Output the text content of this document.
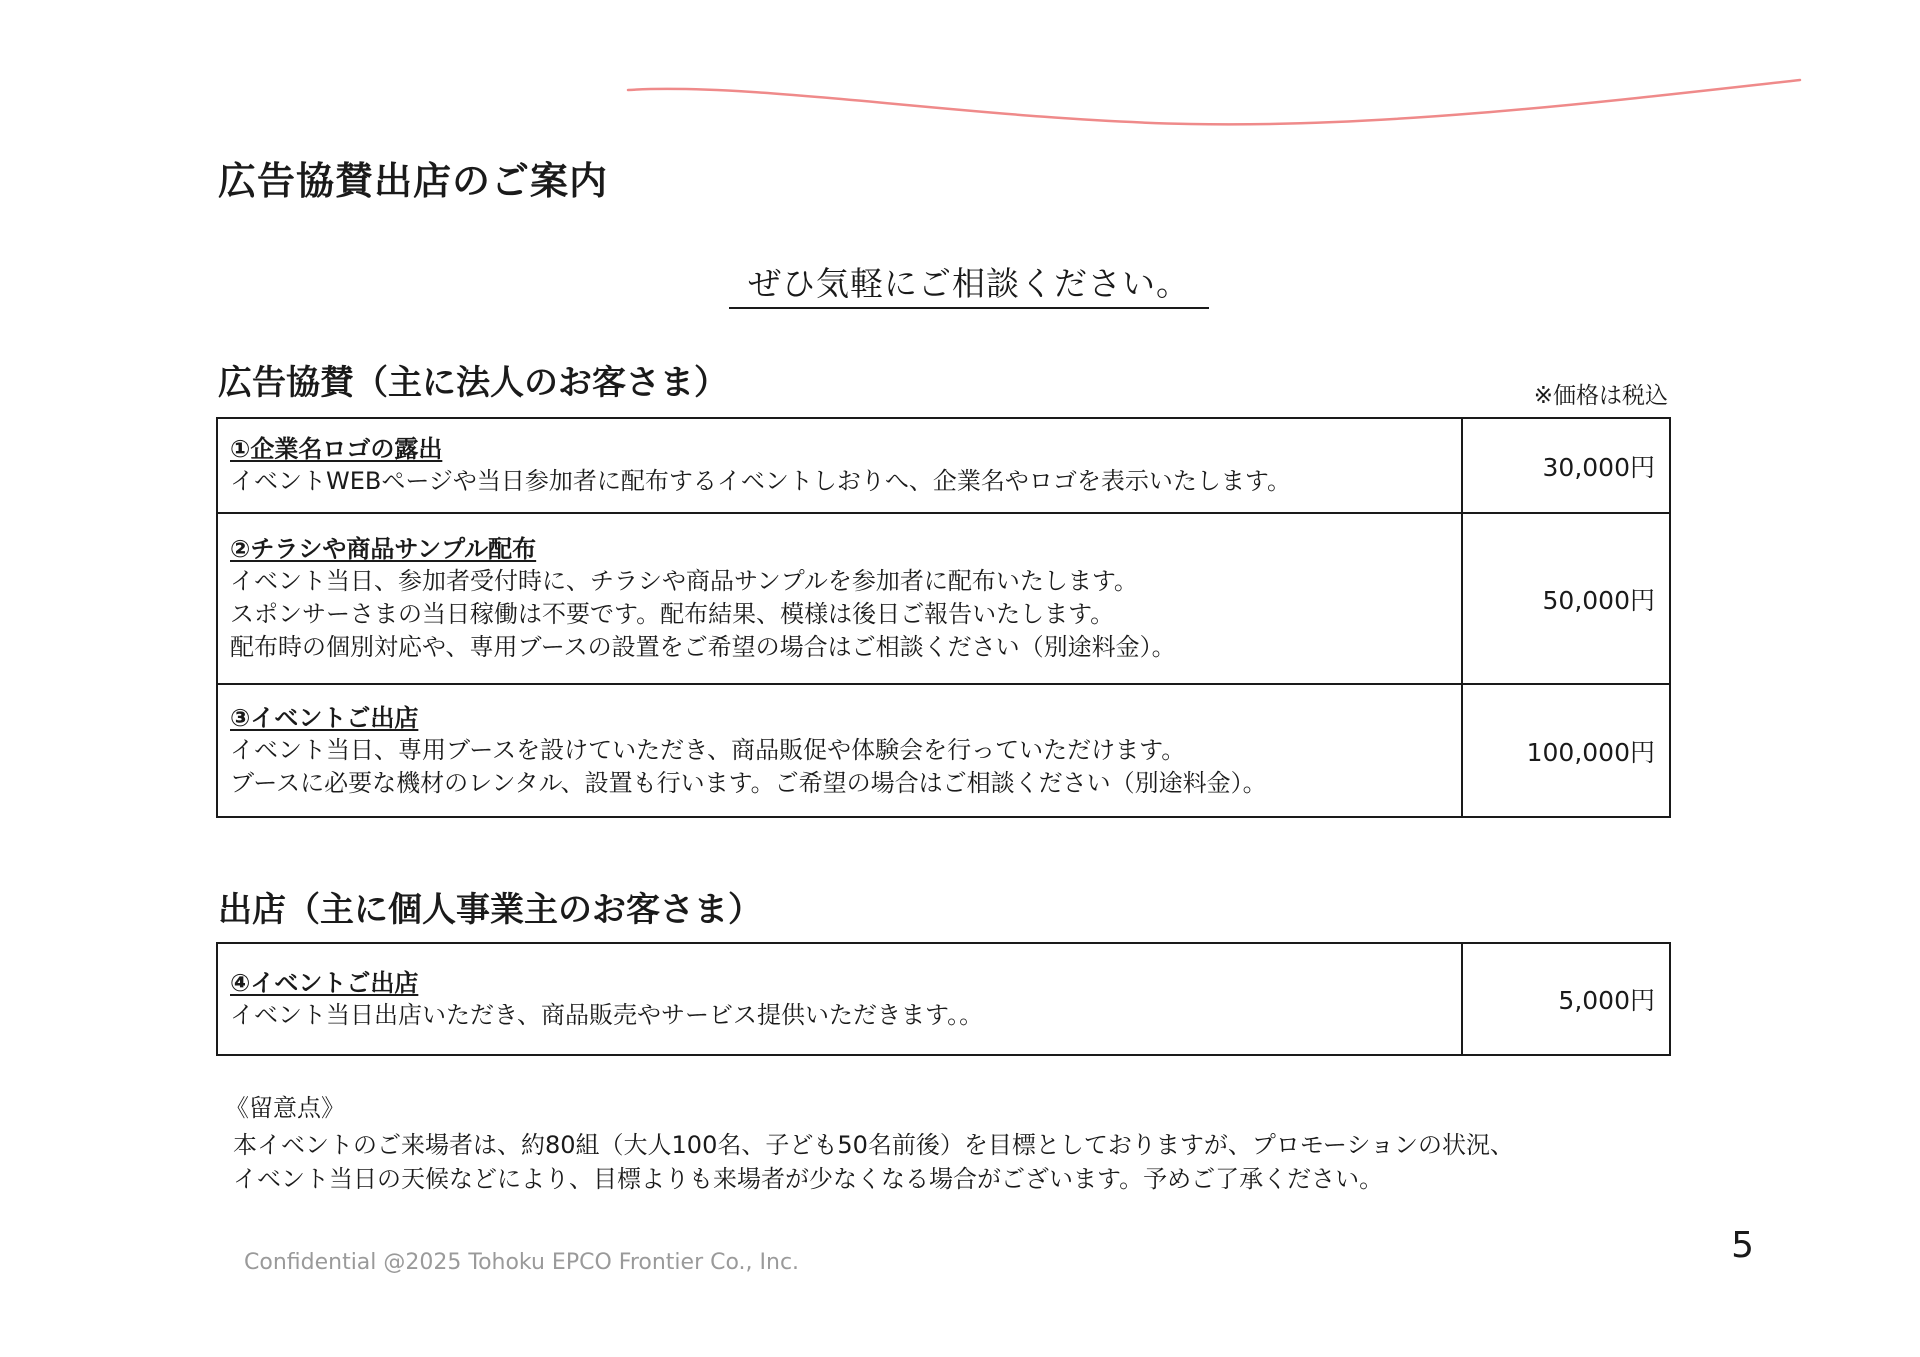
広告協賛出店のご案内
ぜひ気軽にご相談ください。
広告協賛（主に法人のお客さま）	※価格は税込
①企業名ロゴの露出
イベントWEBページや当日参加者に配布するイベントしおりへ、企業名やロゴを表示いたします。	30,000円

②チラシや商品サンプル配布
イベント当日、参加者受付時に、チラシや商品サンプルを参加者に配布いたします。
スポンサーさまの当日稼働は不要です。配布結果、模様は後日ご報告いたします。
配布時の個別対応や、専用ブースの設置をご希望の場合はご相談ください（別途料金）。	50,000円

③イベントご出店
イベント当日、専用ブースを設けていただき、商品販促や体験会を行っていただけます。
ブースに必要な機材のレンタル、設置も行います。ご希望の場合はご相談ください（別途料金）。	100,000円
出店（主に個人事業主のお客さま）
④イベントご出店
イベント当日出店いただき、商品販売やサービス提供いただきます。。	5,000円
《留意点》
本イベントのご来場者は、約80組（大人100名、子ども50名前後）を目標としておりますが、プロモーションの状況、
イベント当日の天候などにより、目標よりも来場者が少なくなる場合がございます。予めご了承ください。
Confidential @2025 Tohoku EPCO Frontier Co., Inc.	5
